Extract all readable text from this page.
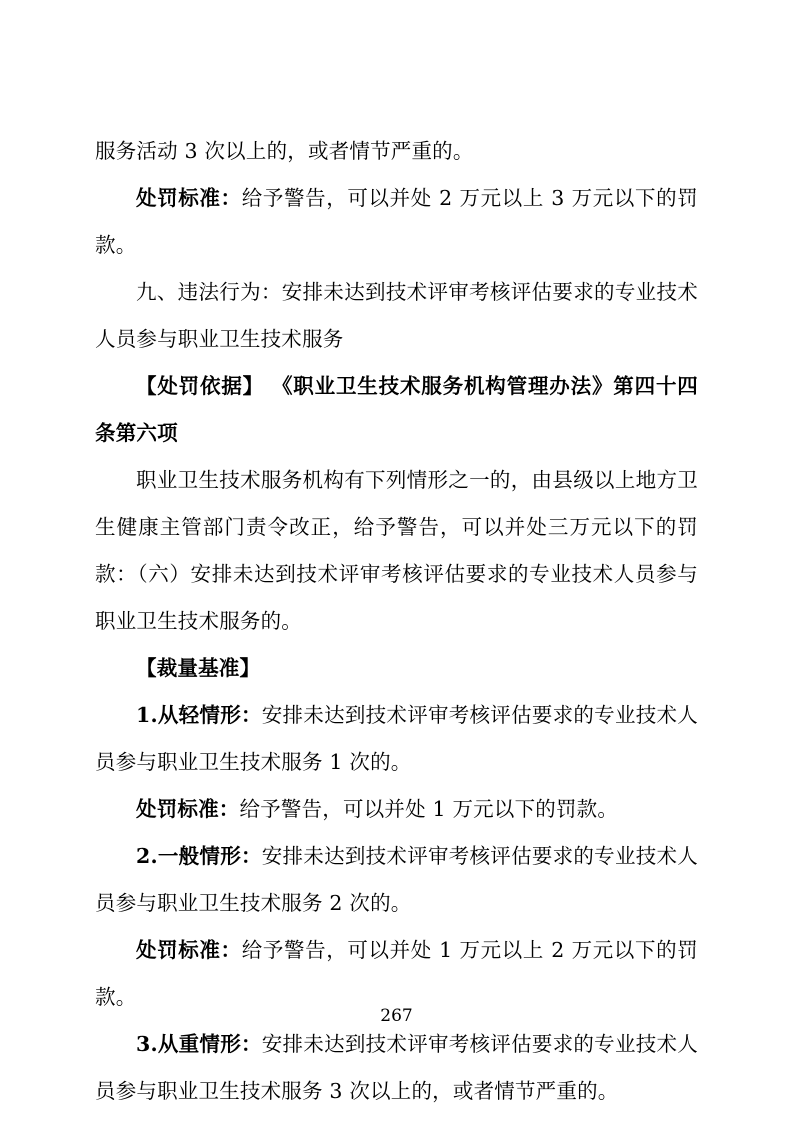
服务活动 3 次以上的，或者情节严重的。

处罚标准：给予警告，可以并处 2 万元以上 3 万元以下的罚款。

九、违法行为：安排未达到技术评审考核评估要求的专业技术人员参与职业卫生技术服务

【处罚依据】 《职业卫生技术服务机构管理办法》第四十四条第六项

职业卫生技术服务机构有下列情形之一的，由县级以上地方卫生健康主管部门责令改正，给予警告，可以并处三万元以下的罚款：（六）安排未达到技术评审考核评估要求的专业技术人员参与职业卫生技术服务的。

【裁量基准】

1.从轻情形：安排未达到技术评审考核评估要求的专业技术人员参与职业卫生技术服务 1 次的。

处罚标准：给予警告，可以并处 1 万元以下的罚款。

2.一般情形：安排未达到技术评审考核评估要求的专业技术人员参与职业卫生技术服务 2 次的。

处罚标准：给予警告，可以并处 1 万元以上 2 万元以下的罚款。

3.从重情形：安排未达到技术评审考核评估要求的专业技术人员参与职业卫生技术服务 3 次以上的，或者情节严重的。

267
